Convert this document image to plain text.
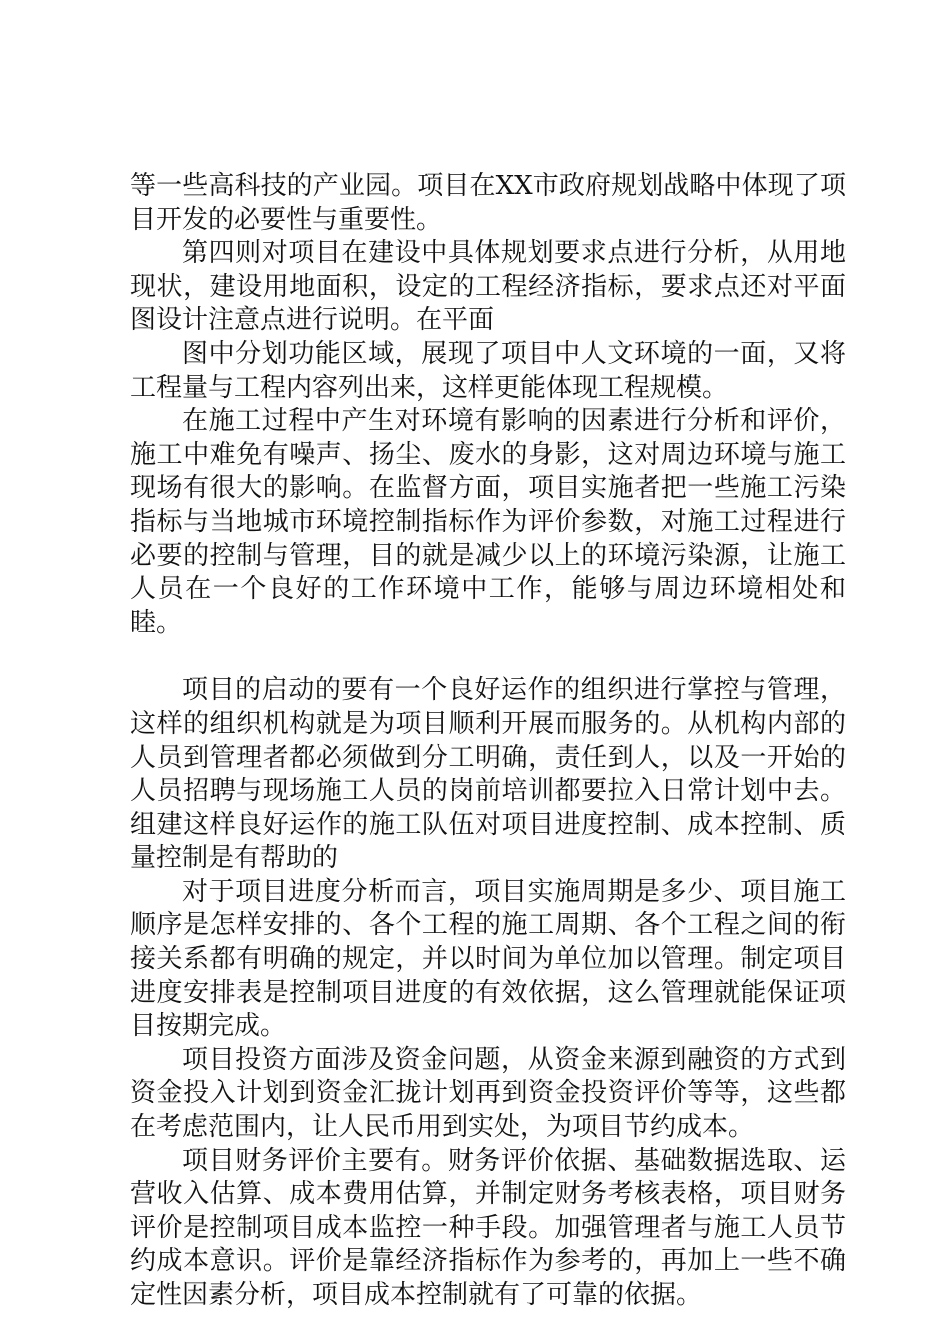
等一些高科技的产业园。项目在XX市政府规划战略中体现了项目开发的必要性与重要性。

第四则对项目在建设中具体规划要求点进行分析，从用地现状，建设用地面积，设定的工程经济指标，要求点还对平面图设计注意点进行说明。在平面

图中分划功能区域，展现了项目中人文环境的一面，又将工程量与工程内容列出来，这样更能体现工程规模。

在施工过程中产生对环境有影响的因素进行分析和评价，施工中难免有噪声、扬尘、废水的身影，这对周边环境与施工现场有很大的影响。在监督方面，项目实施者把一些施工污染指标与当地城市环境控制指标作为评价参数，对施工过程进行必要的控制与管理，目的就是减少以上的环境污染源，让施工人员在一个良好的工作环境中工作，能够与周边环境相处和睦。

项目的启动的要有一个良好运作的组织进行掌控与管理，这样的组织机构就是为项目顺利开展而服务的。从机构内部的人员到管理者都必须做到分工明确，责任到人，以及一开始的人员招聘与现场施工人员的岗前培训都要拉入日常计划中去。组建这样良好运作的施工队伍对项目进度控制、成本控制、质量控制是有帮助的

对于项目进度分析而言，项目实施周期是多少、项目施工顺序是怎样安排的、各个工程的施工周期、各个工程之间的衔接关系都有明确的规定，并以时间为单位加以管理。制定项目进度安排表是控制项目进度的有效依据，这么管理就能保证项目按期完成。

项目投资方面涉及资金问题，从资金来源到融资的方式到资金投入计划到资金汇拢计划再到资金投资评价等等，这些都在考虑范围内，让人民币用到实处，为项目节约成本。

项目财务评价主要有。财务评价依据、基础数据选取、运营收入估算、成本费用估算，并制定财务考核表格，项目财务评价是控制项目成本监控一种手段。加强管理者与施工人员节约成本意识。评价是靠经济指标作为参考的，再加上一些不确定性因素分析，项目成本控制就有了可靠的依据。
